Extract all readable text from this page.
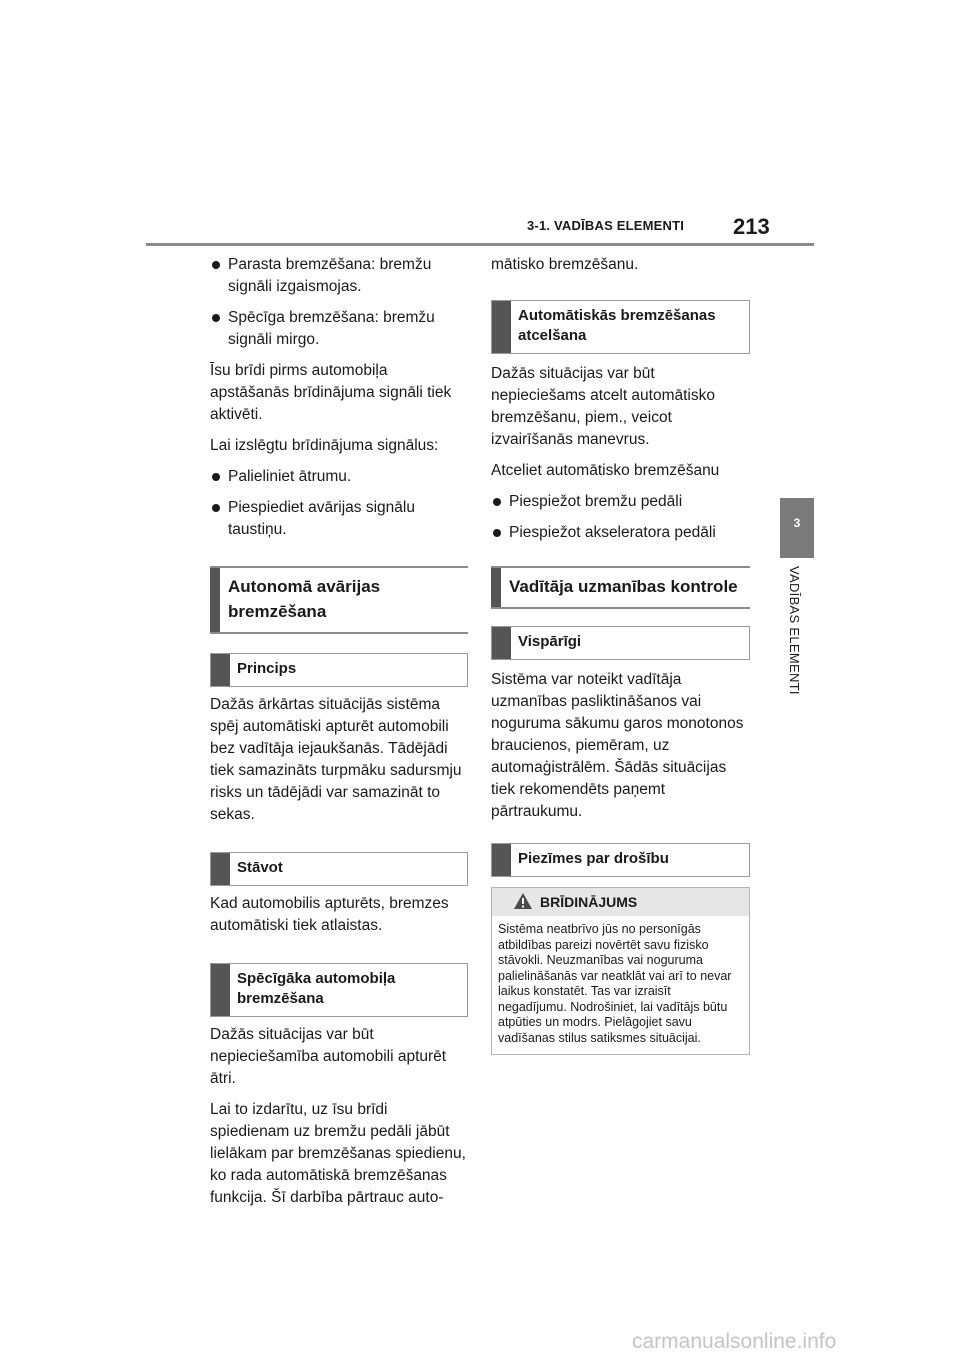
3-1. VADĪBAS ELEMENTI 213
3
VADĪBAS ELEMENTI
Parasta bremzēšana: bremžu signāli izgaismojas.
Spēcīga bremzēšana: bremžu signāli mirgo.

Īsu brīdi pirms automobiļa apstāšanās brīdinājuma signāli tiek aktivēti.

Lai izslēgtu brīdinājuma signālus:

Palieliniet ātrumu.
Piespiediet avārijas signālu taustiņu.
Autonomā avārijas bremzēšana
Princips

Dažās ārkārtas situācijās sistēma spēj automātiski apturēt automobili bez vadītāja iejaukšanās. Tādējādi tiek samazināts turpmāku sadursmju risks un tādējādi var samazināt to sekas.

Stāvot

Kad automobilis apturēts, bremzes automātiski tiek atlaistas.

Spēcīgāka automobiļa bremzēšana

Dažās situācijas var būt nepieciešamība automobili apturēt ātri.

Lai to izdarītu, uz īsu brīdi spiedienam uz bremžu pedāli jābūt lielākam par bremzēšanas spiedienu, ko rada automātiskā bremzēšanas funkcija. Šī darbība pārtrauc auto-

mātisko bremzēšanu.

Automātiskās bremzēšanas atcelšana

Dažās situācijas var būt nepieciešams atcelt automātisko bremzēšanu, piem., veicot izvairīšanās manevrus.

Atceliet automātisko bremzēšanu

Piespiežot bremžu pedāli
Piespiežot akseleratora pedāli
Vadītāja uzmanības kontrole
Vispārīgi

Sistēma var noteikt vadītāja uzmanības pasliktināšanos vai noguruma sākumu garos monotonos braucienos, piemēram, uz automaģistrālēm. Šādās situācijas tiek rekomendēts paņemt pārtraukumu.

Piezīmes par drošību
BRĪDINĀJUMS
Sistēma neatbrīvo jūs no personīgās atbildības pareizi novērtēt savu fizisko stāvokli. Neuzmanības vai noguruma palielināšanās var neatklāt vai arī to nevar laikus konstatēt. Tas var izraisīt negadījumu. Nodrošiniet, lai vadītājs būtu atpūties un modrs. Pielāgojiet savu vadīšanas stilus satiksmes situācijai.
carmanualsonline.info
